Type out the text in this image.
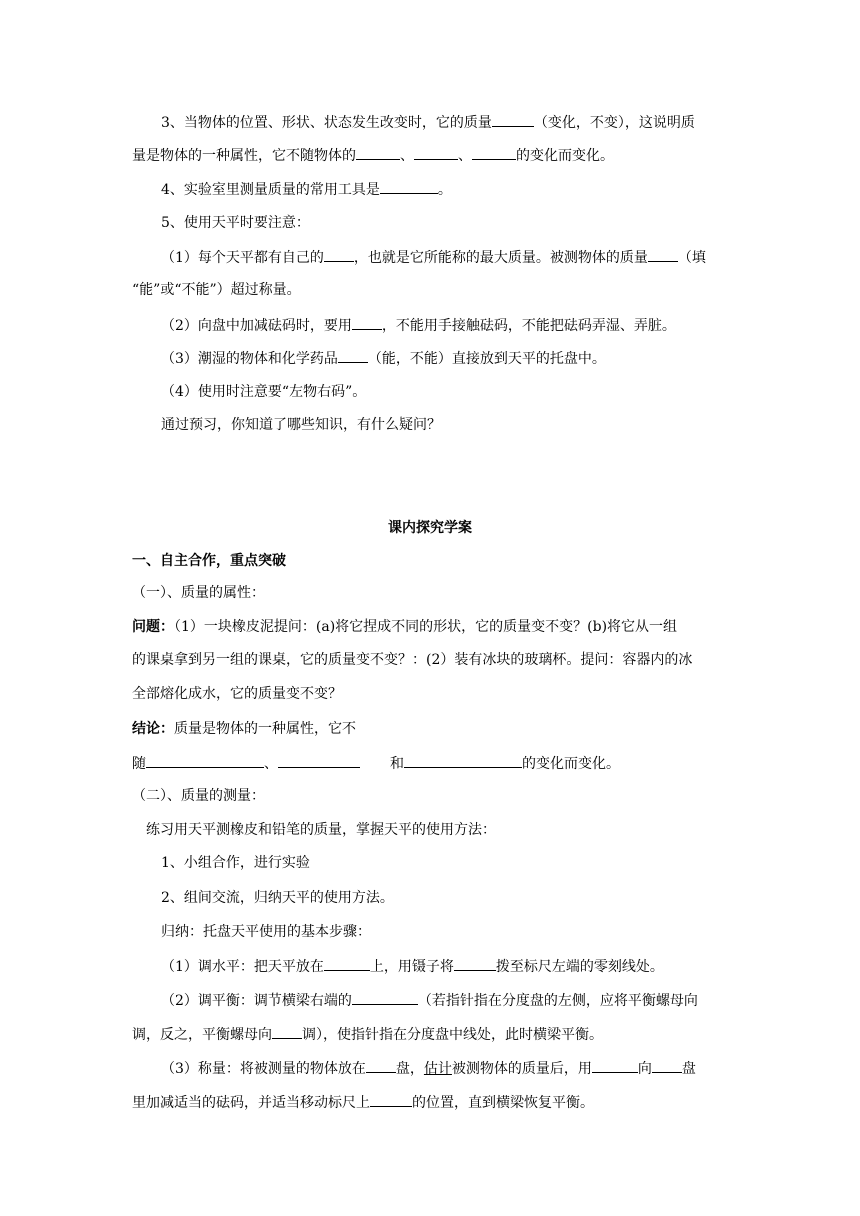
3、当物体的位置、形状、状态发生改变时，它的质量	（变化，不变），这说明质
量是物体的一种属性，它不随物体的	、	、	的变化而变化。
4、实验室里测量质量的常用工具是	。
5、使用天平时要注意：
（1）每个天平都有自己的 ，也就是它所能称的最大质量。被测物体的质量 （填
“能”或“不能”）超过称量。
（2）向盘中加减砝码时，要用 ，不能用手接触砝码，不能把砝码弄湿、弄脏。
（3）潮湿的物体和化学药品 （能，不能）直接放到天平的托盘中。
（4）使用时注意要“左物右码”。
通过预习，你知道了哪些知识，有什么疑问？
课内探究学案
一、自主合作，重点突破
（一）、质量的属性：
问题：（1）一块橡皮泥提问：(a)将它捏成不同的形状，它的质量变不变？(b)将它从一组
的课桌拿到另一组的课桌，它的质量变不变？：(2）装有冰块的玻璃杯。提问：容器内的冰
全部熔化成水，它的质量变不变？
结论：质量是物体的一种属性，它不
随	、	和	的变化而变化。
（二）、质量的测量：
练习用天平测橡皮和铅笔的质量，掌握天平的使用方法：
1、小组合作，进行实验
2、组间交流，归纳天平的使用方法。
归纳：托盘天平使用的基本步骤：
（1）调水平：把天平放在	上，用镊子将	拨至标尺左端的零刻线处。
（2）调平衡：调节横梁右端的	（若指针指在分度盘的左侧，应将平衡螺母向
调，反之，平衡螺母向 调），使指针指在分度盘中线处，此时横梁平衡。
（3）称量：将被测量的物体放在 盘，估计被测物体的质量后，用	向 盘
里加减适当的砝码，并适当移动标尺上	的位置，直到横梁恢复平衡。
